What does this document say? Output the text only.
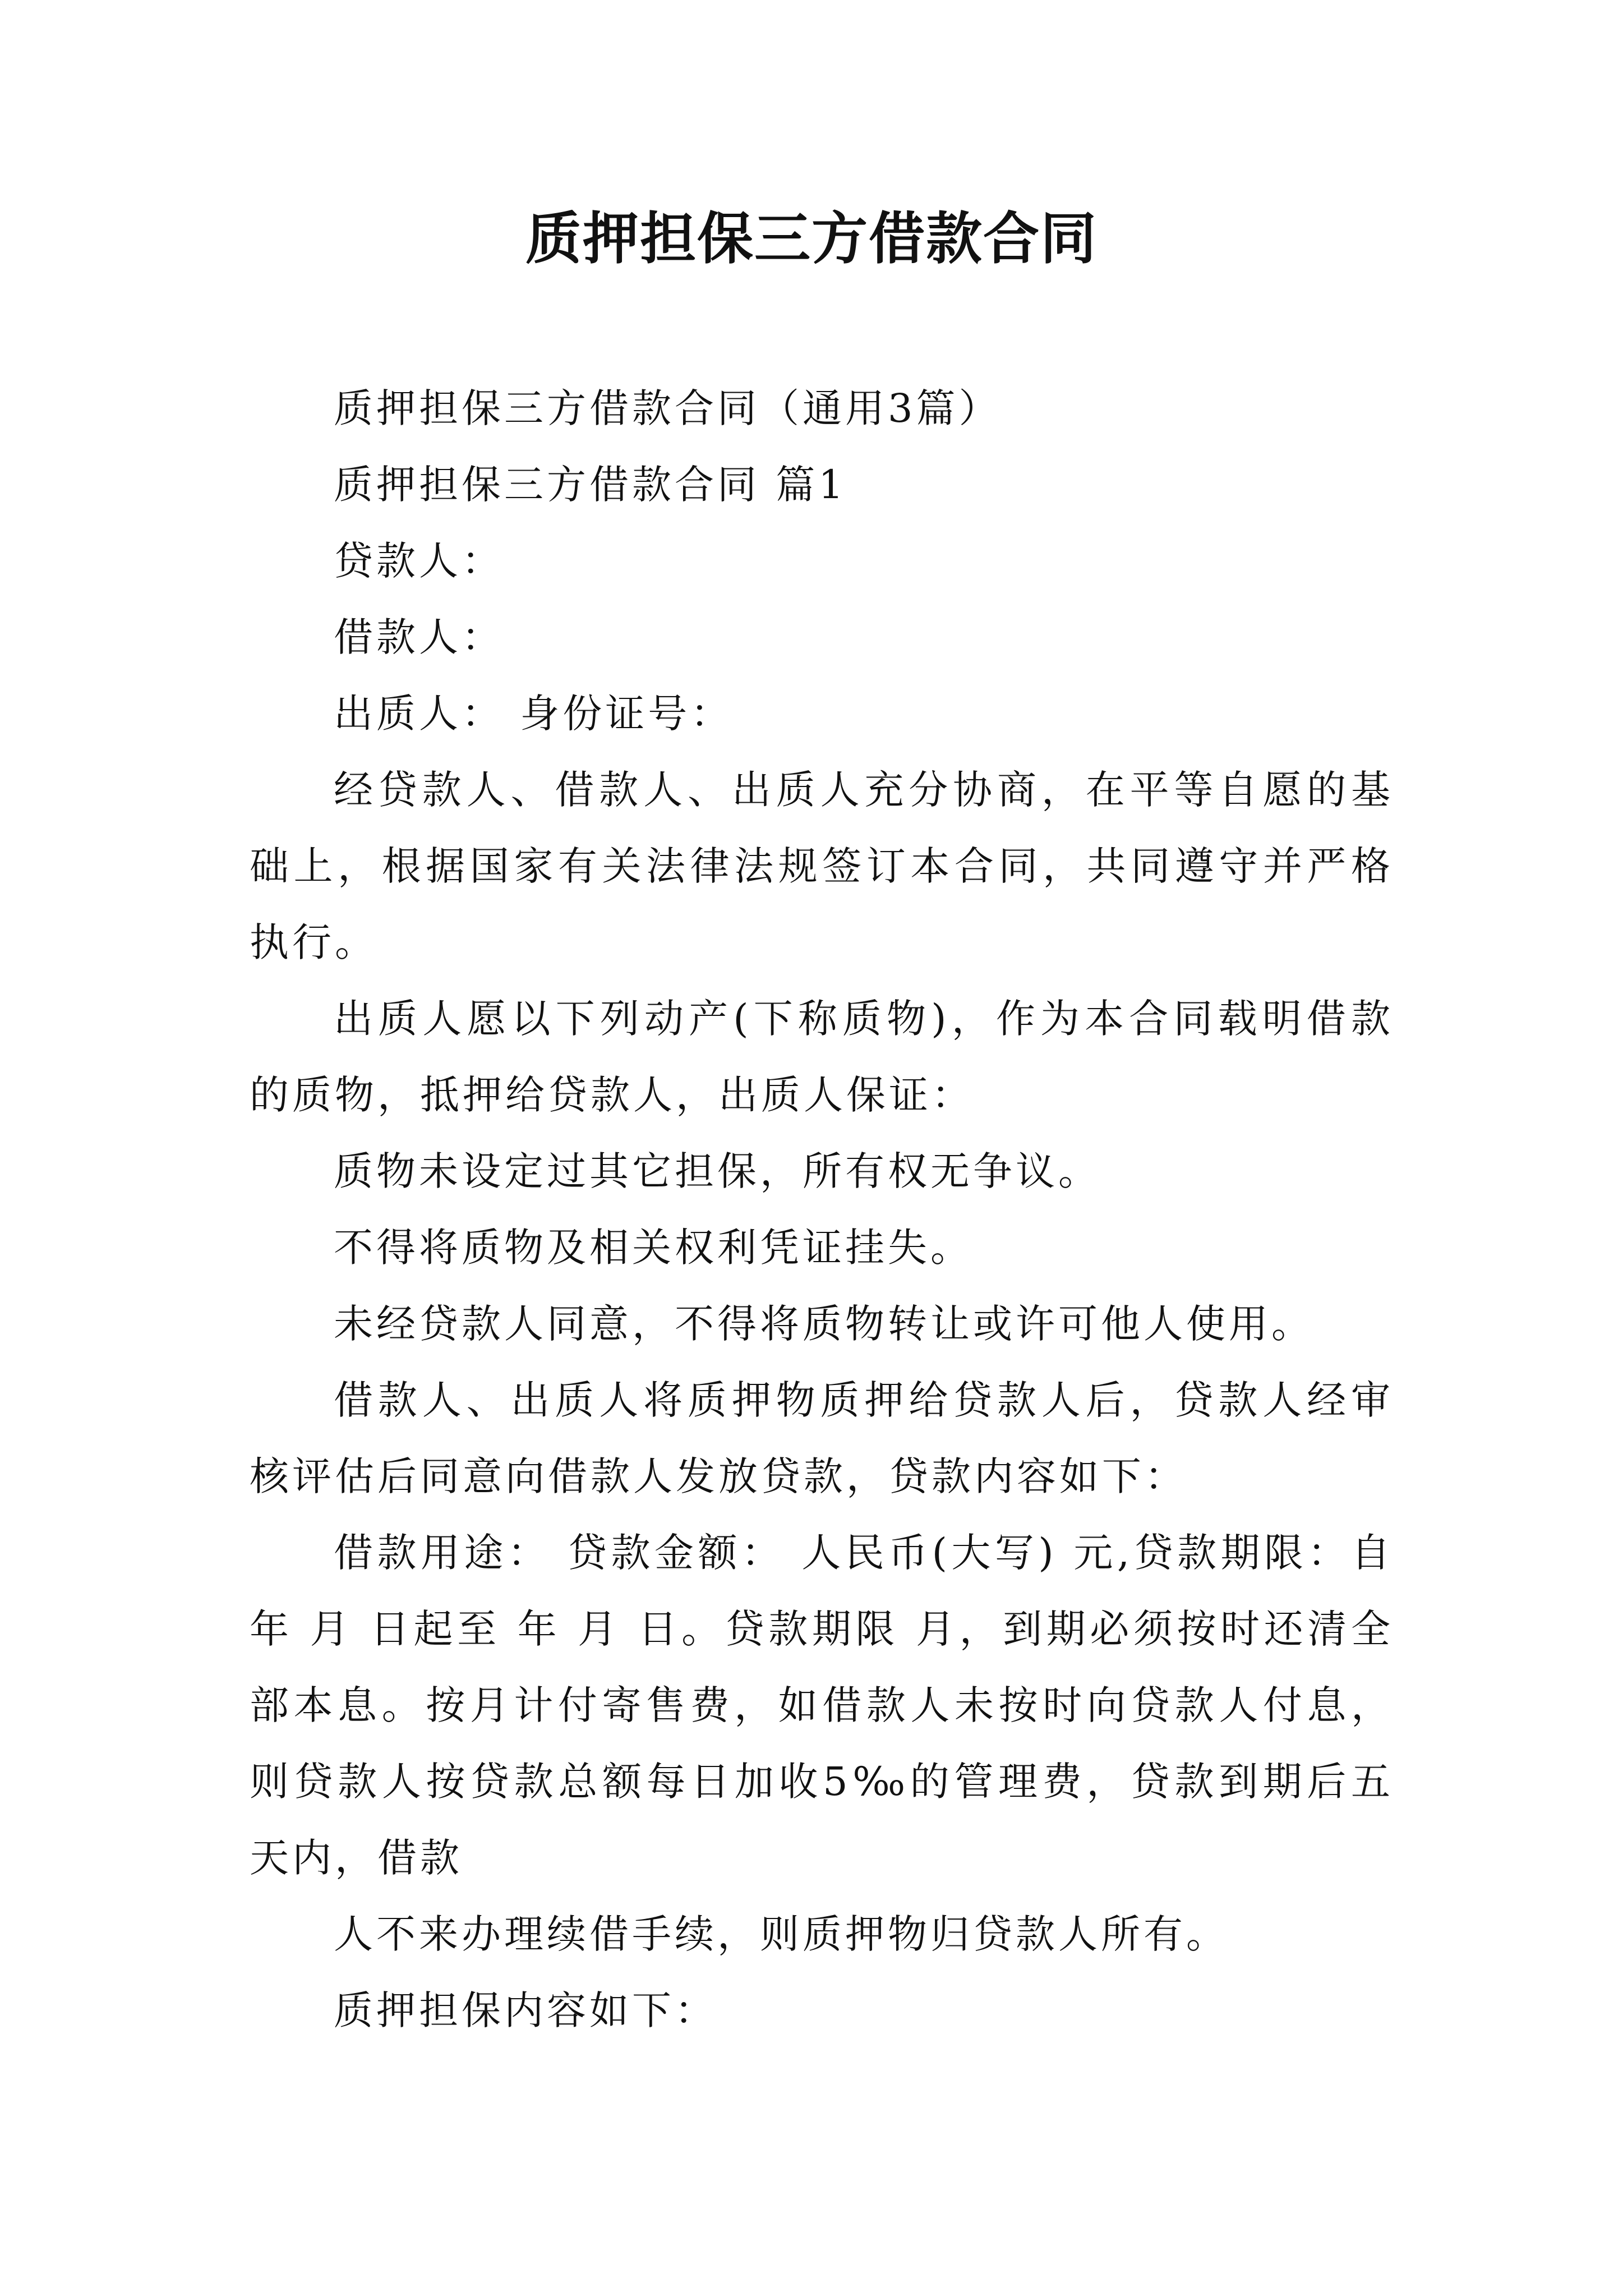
质押担保三方借款合同

质押担保三方借款合同（通用3篇）

质押担保三方借款合同 篇1

贷款人：

借款人：

出质人： 身份证号：

经贷款人、借款人、出质人充分协商，在平等自愿的基础上，根据国家有关法律法规签订本合同，共同遵守并严格执行。

出质人愿以下列动产(下称质物)，作为本合同载明借款的质物，抵押给贷款人，出质人保证：

质物未设定过其它担保，所有权无争议。

不得将质物及相关权利凭证挂失。

未经贷款人同意，不得将质物转让或许可他人使用。

借款人、出质人将质押物质押给贷款人后，贷款人经审核评估后同意向借款人发放贷款，贷款内容如下：

借款用途： 贷款金额： 人民币(大写) 元,贷款期限：自 年 月 日起至 年 月 日。贷款期限 月，到期必须按时还清全部本息。按月计付寄售费，如借款人未按时向贷款人付息，则贷款人按贷款总额每日加收5‰的管理费，贷款到期后五天内，借款

人不来办理续借手续，则质押物归贷款人所有。

质押担保内容如下：
